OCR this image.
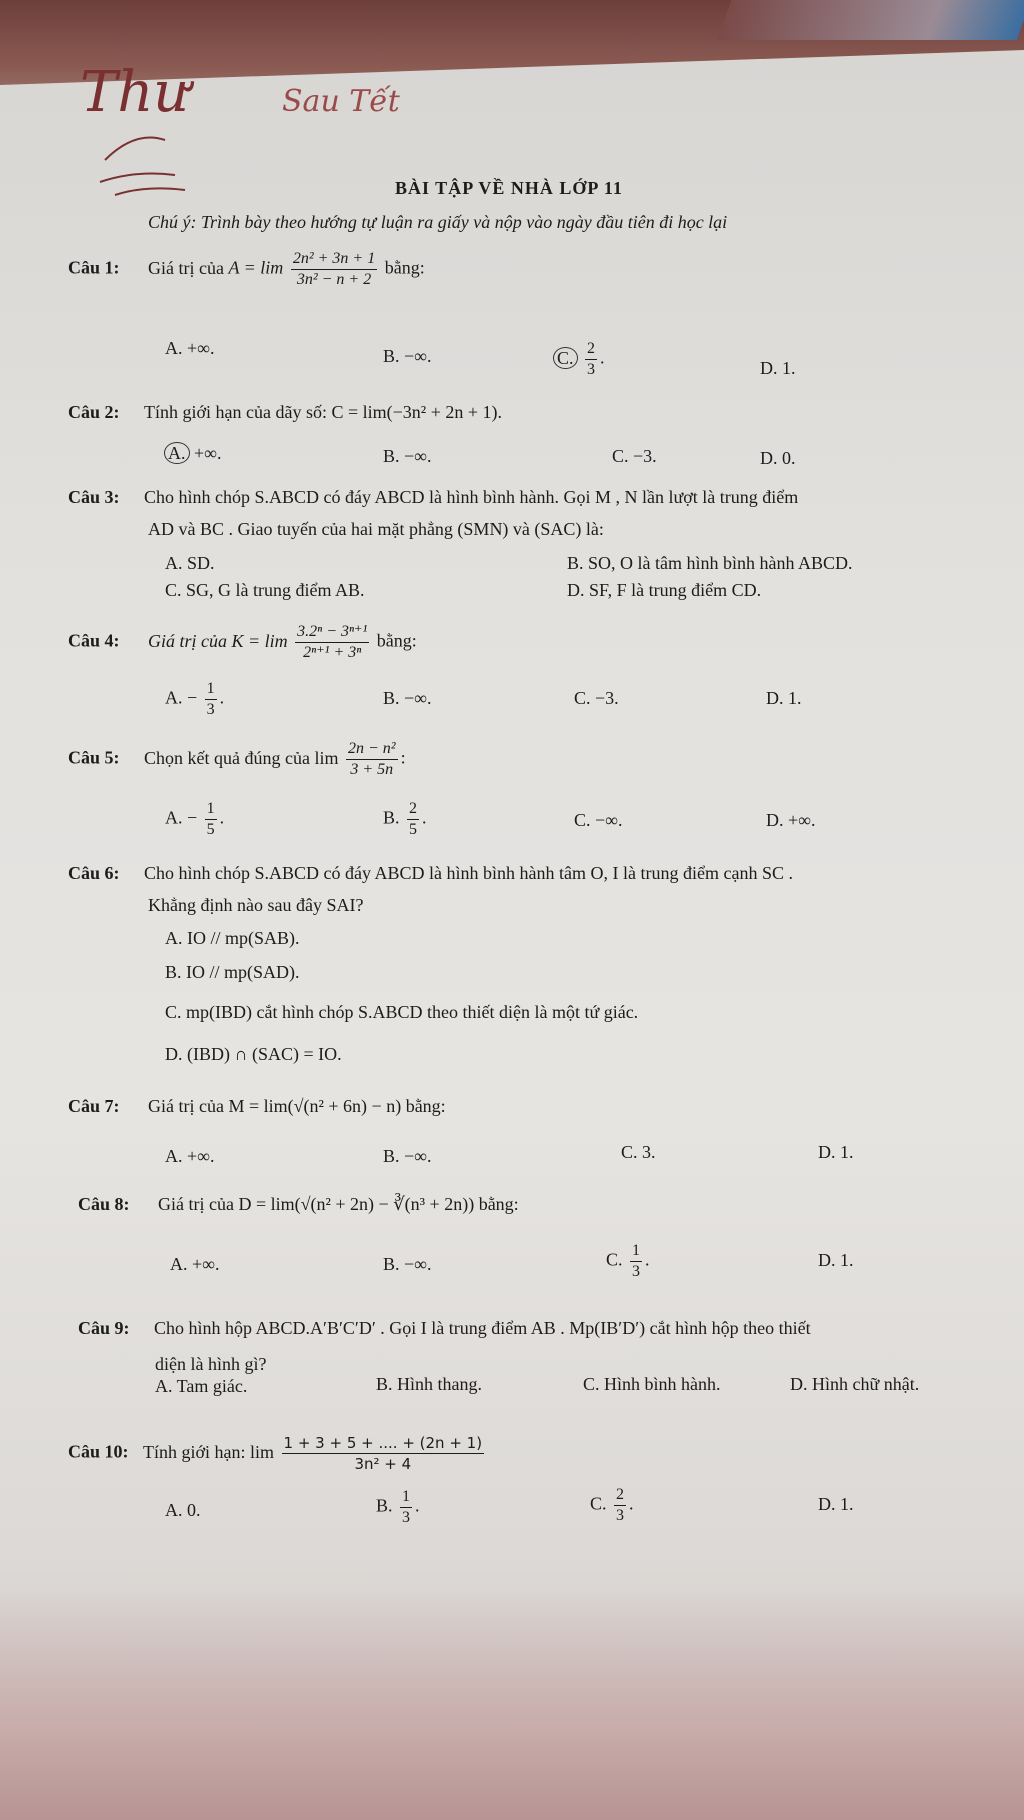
Thư	Sau Tết
BÀI TẬP VỀ NHÀ LỚP 11
Chú ý: Trình bày theo hướng tự luận ra giấy và nộp vào ngày đầu tiên đi học lại
Câu 1: Giá trị của $A = \lim \frac{\text{2n² + 3n + 1}}{\text{3n² − n + 2}}$ bằng:
A. +∞.	B. −∞.	C. $\frac{2}{3}$ .
D. 1.
Câu 2: Tính giới hạn của dãy số: C = lim(−3n² + 2n + 1).
A. +∞.	B. −∞.	C. −3.	D. 0.
Câu 3: Cho hình chóp S.ABCD có đáy ABCD là hình bình hành. Gọi M , N lần lượt là trung điểm
AD và BC . Giao tuyến của hai mặt phẳng (SMN) và (SAC) là:
A. SD.	B. SO, O là tâm hình bình hành ABCD.
C. SG, G là trung điểm AB.	D. SF, F là trung điểm CD.
Câu 4: Giá trị của $K = \lim \frac{\text{3.2ⁿ − 3ⁿ⁺¹}}{\text{2ⁿ⁺¹ + 3ⁿ}}$ bằng:
A. − $\frac{1}{3}$ .	B. −∞.	C. −3.	D. 1.
Câu 5: Chọn kết quả đúng của $\lim \frac{\text{2n − n²}}{3 + 5n}$ :
A. − $\frac{1}{5}$ .	B. $\frac{2}{5}$ .	C. −∞.	D. +∞.
Câu 6: Cho hình chóp S.ABCD có đáy ABCD là hình bình hành tâm O, I là trung điểm cạnh SC .
Khẳng định nào sau đây SAI?
A. IO // mp(SAB).
B. IO // mp(SAD).
C. mp(IBD) cắt hình chóp S.ABCD theo thiết diện là một tứ giác.
D. (IBD) ∩ (SAC) = IO.
Câu 7: Giá trị của M = lim(√(n² + 6n) − n) bằng:
A. +∞.	B. −∞.	C. 3.	D. 1.
Câu 8: Giá trị của D = lim(√(n² + 2n) − ∛(n³ + 2n)) bằng:
A. +∞.	B. −∞.	C. $\frac{1}{3}$ .	D. 1.
Câu 9: Cho hình hộp ABCD.A′B′C′D′ . Gọi I là trung điểm AB . Mp(IB′D′) cắt hình hộp theo thiết
diện là hình gì?
A. Tam giác.	B. Hình thang.	C. Hình bình hành.	D. Hình chữ nhật.
Câu 10: Tính giới hạn: $\lim \frac{1 + 3 + 5 + .... + (2n + 1)}{\text{3n² + 4}}$
A. 0.	B. $\frac{1}{3}$ .	C. $\frac{2}{3}$ .	D. 1.
